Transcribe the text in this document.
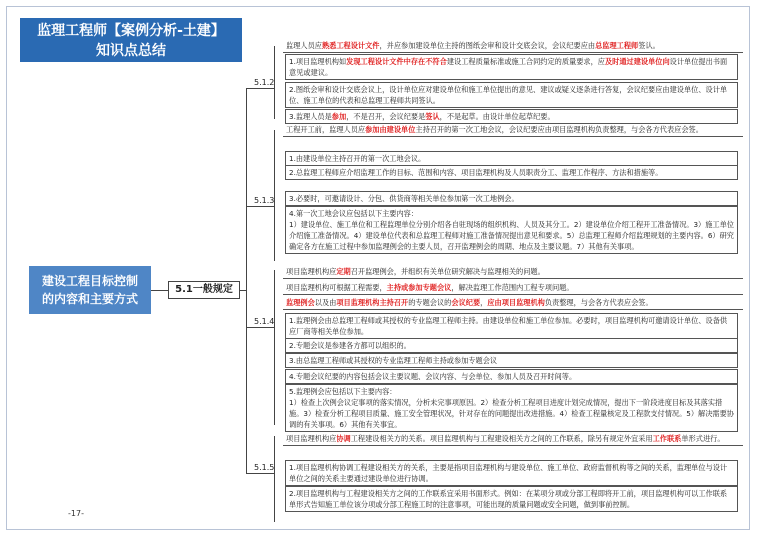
监理工程师【案例分析-土建】
知识点总结
建设工程目标控制
的内容和主要方式
5.1一般规定
5.1.2
5.1.3
5.1.4
5.1.5
监理人员应熟悉工程设计文件，并应参加建设单位主持的图纸会审和设计交底会议，会议纪要应由总监理工程师签认。
1.项目监理机构如发现工程设计文件中存在不符合建设工程质量标准或施工合同约定的质量要求，应及时通过建设单位向设计单位提出书面意见或建议。
2.图纸会审和设计交底会议上，设计单位应对建设单位和施工单位提出的意见、建议或疑义逐条进行答复，会议纪要应由建设单位、设计单位、施工单位的代表和总监理工程师共同签认。
3.监理人员是参加，不是召开，会议纪要是签认，不是起草。由设计单位起草纪要。
工程开工前，监理人员应参加由建设单位主持召开的第一次工地会议，会议纪要应由项目监理机构负责整理，与会各方代表应会签。
1.由建设单位主持召开的第一次工地会议。
2.总监理工程师应介绍监理工作的目标、范围和内容、项目监理机构及人员职责分工、监理工作程序、方法和措施等。
3.必要时，可邀请设计、分包、供货商等相关单位参加第一次工地例会。
4.第一次工地会议应包括以下主要内容：
1）建设单位、施工单位和工程监理单位分别介绍各自驻现场的组织机构、人员及其分工。2）建设单位介绍工程开工准备情况。3）施工单位介绍施工准备情况。4）建设单位代表和总监理工程师对施工准备情况提出意见和要求。5）总监理工程师介绍监理规划的主要内容。6）研究确定各方在施工过程中参加监理例会的主要人员，召开监理例会的周期、地点及主要议题。7）其他有关事项。
项目监理机构应定期召开监理例会，并组织有关单位研究解决与监理相关的问题。
项目监理机构可根据工程需要，主持或参加专题会议，解决监理工作范围内工程专项问题。
监理例会以及由项目监理机构主持召开的专题会议的会议纪要，应由项目监理机构负责整理，与会各方代表应会签。
1.监理例会由总监理工程师或其授权的专业监理工程师主持。由建设单位和施工单位参加。必要时，项目监理机构可邀请设计单位、设备供应厂商等相关单位参加。
2.专题会议是参建各方都可以组织的。
3.由总监理工程师或其授权的专业监理工程师主持或参加专题会议
4.专题会议纪要的内容包括会议主要议题、会议内容、与会单位、参加人员及召开时间等。
5.监理例会应包括以下主要内容：
1）检查上次例会议定事项的落实情况，分析未完事项原因。2）检查分析工程项目进度计划完成情况，提出下一阶段进度目标及其落实措施。3）检查分析工程项目质量、施工安全管理状况，针对存在的问题提出改进措施。4）检查工程量核定及工程款支付情况。5）解决需要协调的有关事项。6）其他有关事宜。
项目监理机构应协调工程建设相关方的关系。项目监理机构与工程建设相关方之间的工作联系，除另有规定外宜采用工作联系单形式进行。
1.项目监理机构协调工程建设相关方的关系，主要是指项目监理机构与建设单位、施工单位、政府监督机构等之间的关系，监理单位与设计单位之间的关系主要通过建设单位进行协调。
2.项目监理机构与工程建设相关方之间的工作联系宜采用书面形式。例如：在某项分项或分部工程即将开工前，项目监理机构可以工作联系单形式告知施工单位该分项或分部工程施工时的注意事项，可能出现的质量问题或安全问题，做到事前控制。
-17-
